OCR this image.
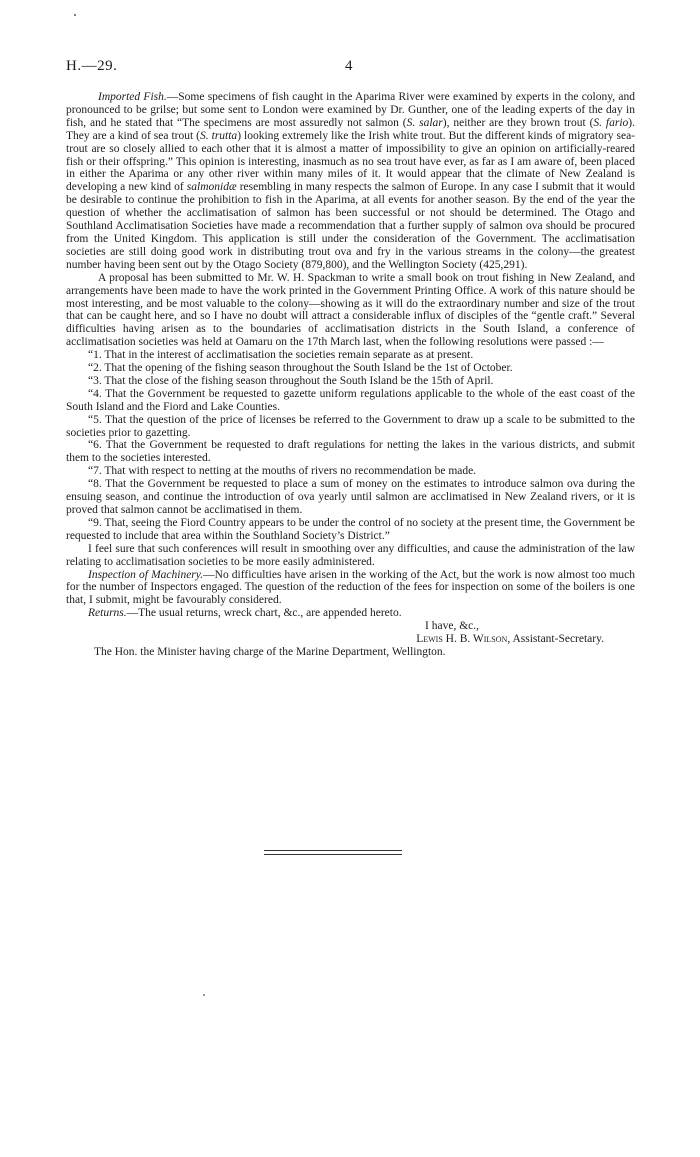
H.—29.	4

Imported Fish.—Some specimens of fish caught in the Aparima River were examined by experts in the colony, and pronounced to be grilse; but some sent to London were examined by Dr. Gunther, one of the leading experts of the day in fish, and he stated that “The specimens are most assuredly not salmon (S. salar), neither are they brown trout (S. fario). They are a kind of sea trout (S. trutta) looking extremely like the Irish white trout. But the different kinds of migratory sea-trout are so closely allied to each other that it is almost a matter of impossibility to give an opinion on artificially-reared fish or their offspring.” This opinion is interesting, inasmuch as no sea trout have ever, as far as I am aware of, been placed in either the Aparima or any other river within many miles of it. It would appear that the climate of New Zealand is developing a new kind of salmonidæ resembling in many respects the salmon of Europe. In any case I submit that it would be desirable to continue the prohibition to fish in the Aparima, at all events for another season. By the end of the year the question of whether the acclimatisation of salmon has been successful or not should be determined. The Otago and Southland Acclimatisation Societies have made a recommendation that a further supply of salmon ova should be procured from the United Kingdom. This application is still under the consideration of the Government. The acclimatisation societies are still doing good work in distributing trout ova and fry in the various streams in the colony—the greatest number having been sent out by the Otago Society (879,800), and the Wellington Society (425,291).

A proposal has been submitted to Mr. W. H. Spackman to write a small book on trout fishing in New Zealand, and arrangements have been made to have the work printed in the Government Printing Office. A work of this nature should be most interesting, and be most valuable to the colony—showing as it will do the extraordinary number and size of the trout that can be caught here, and so I have no doubt will attract a considerable influx of disciples of the “gentle craft.” Several difficulties having arisen as to the boundaries of acclimatisation districts in the South Island, a conference of acclimatisation societies was held at Oamaru on the 17th March last, when the following resolutions were passed :—

“1. That in the interest of acclimatisation the societies remain separate as at present.

“2. That the opening of the fishing season throughout the South Island be the 1st of October.

“3. That the close of the fishing season throughout the South Island be the 15th of April.

“4. That the Government be requested to gazette uniform regulations applicable to the whole of the east coast of the South Island and the Fiord and Lake Counties.

“5. That the question of the price of licenses be referred to the Government to draw up a scale to be submitted to the societies prior to gazetting.

“6. That the Government be requested to draft regulations for netting the lakes in the various districts, and submit them to the societies interested.

“7. That with respect to netting at the mouths of rivers no recommendation be made.

“8. That the Government be requested to place a sum of money on the estimates to introduce salmon ova during the ensuing season, and continue the introduction of ova yearly until salmon are acclimatised in New Zealand rivers, or it is proved that salmon cannot be acclimatised in them.

“9. That, seeing the Fiord Country appears to be under the control of no society at the present time, the Government be requested to include that area within the Southland Society’s District.”

I feel sure that such conferences will result in smoothing over any difficulties, and cause the administration of the law relating to acclimatisation societies to be more easily administered.

Inspection of Machinery.—No difficulties have arisen in the working of the Act, but the work is now almost too much for the number of Inspectors engaged. The question of the reduction of the fees for inspection on some of the boilers is one that, I submit, might be favourably considered.

Returns.—The usual returns, wreck chart, &c., are appended hereto.

I have, &c.,

Lewis H. B. Wilson, Assistant-Secretary.

The Hon. the Minister having charge of the Marine Department, Wellington.
